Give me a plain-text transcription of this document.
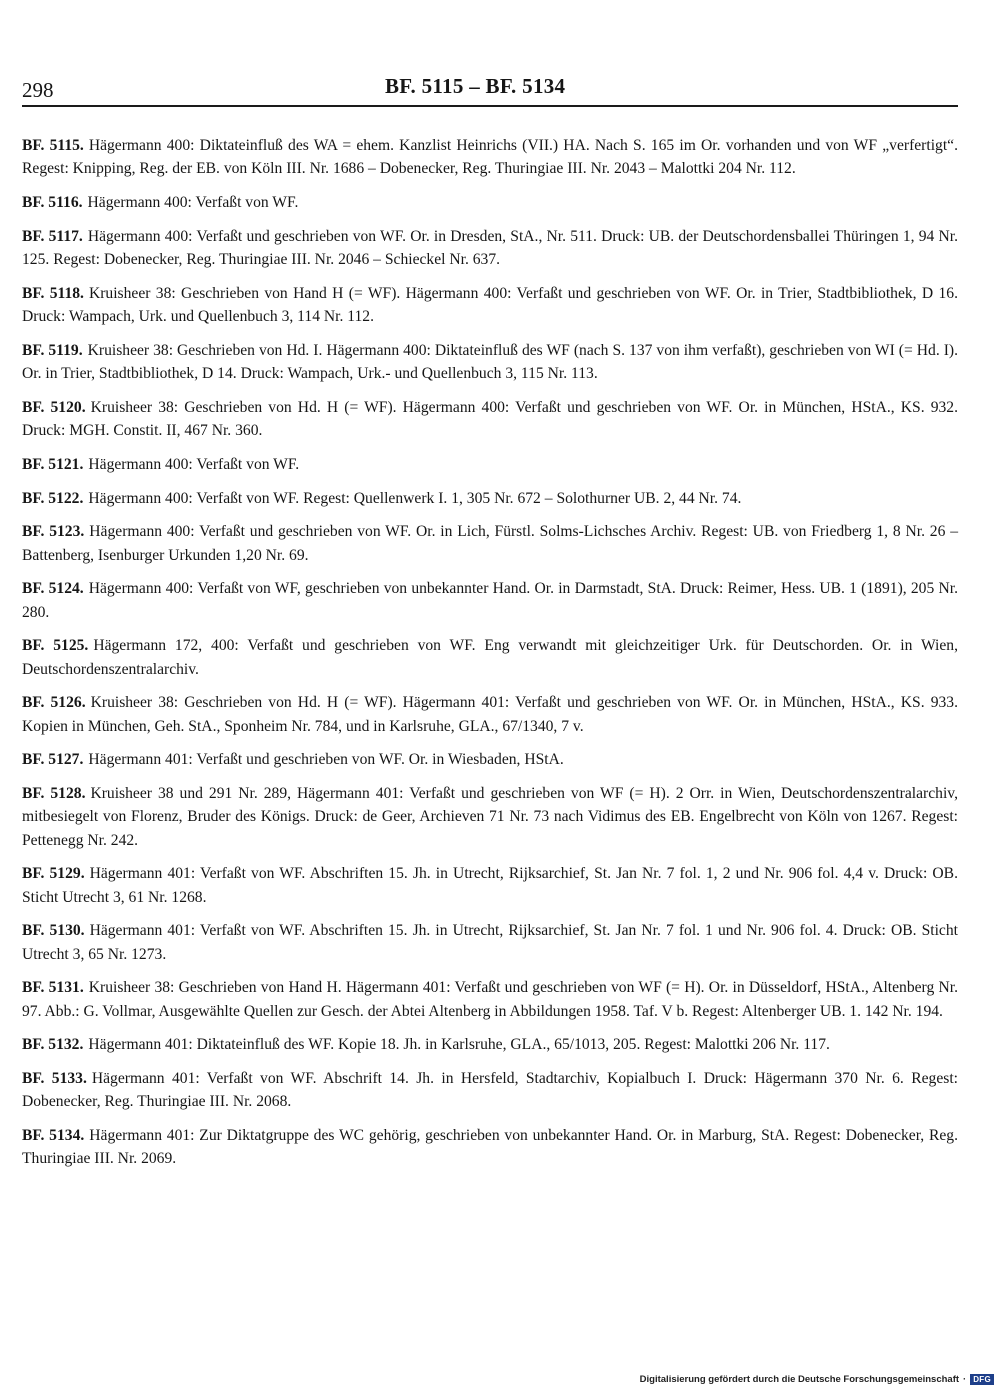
298	BF. 5115 – BF. 5134

BF. 5115. Hägermann 400: Diktateinfluß des WA = ehem. Kanzlist Heinrichs (VII.) HA. Nach S. 165 im Or. vorhanden und von WF „verfertigt“. Regest: Knipping, Reg. der EB. von Köln III. Nr. 1686 – Dobenecker, Reg. Thuringiae III. Nr. 2043 – Malottki 204 Nr. 112.

BF. 5116. Hägermann 400: Verfaßt von WF.

BF. 5117. Hägermann 400: Verfaßt und geschrieben von WF. Or. in Dresden, StA., Nr. 511. Druck: UB. der Deutschordensballei Thüringen 1, 94 Nr. 125. Regest: Dobenecker, Reg. Thuringiae III. Nr. 2046 – Schieckel Nr. 637.

BF. 5118. Kruisheer 38: Geschrieben von Hand H (= WF). Hägermann 400: Verfaßt und geschrieben von WF. Or. in Trier, Stadtbibliothek, D 16. Druck: Wampach, Urk. und Quellenbuch 3, 114 Nr. 112.

BF. 5119. Kruisheer 38: Geschrieben von Hd. I. Hägermann 400: Diktateinfluß des WF (nach S. 137 von ihm verfaßt), geschrieben von WI (= Hd. I). Or. in Trier, Stadtbibliothek, D 14. Druck: Wampach, Urk.- und Quellenbuch 3, 115 Nr. 113.

BF. 5120. Kruisheer 38: Geschrieben von Hd. H (= WF). Hägermann 400: Verfaßt und geschrieben von WF. Or. in München, HStA., KS. 932. Druck: MGH. Constit. II, 467 Nr. 360.

BF. 5121. Hägermann 400: Verfaßt von WF.

BF. 5122. Hägermann 400: Verfaßt von WF. Regest: Quellenwerk I. 1, 305 Nr. 672 – Solothurner UB. 2, 44 Nr. 74.

BF. 5123. Hägermann 400: Verfaßt und geschrieben von WF. Or. in Lich, Fürstl. Solms-Lichsches Archiv. Regest: UB. von Friedberg 1, 8 Nr. 26 – Battenberg, Isenburger Urkunden 1,20 Nr. 69.

BF. 5124. Hägermann 400: Verfaßt von WF, geschrieben von unbekannter Hand. Or. in Darmstadt, StA. Druck: Reimer, Hess. UB. 1 (1891), 205 Nr. 280.

BF. 5125. Hägermann 172, 400: Verfaßt und geschrieben von WF. Eng verwandt mit gleichzeitiger Urk. für Deutschorden. Or. in Wien, Deutschordenszentralarchiv.

BF. 5126. Kruisheer 38: Geschrieben von Hd. H (= WF). Hägermann 401: Verfaßt und geschrieben von WF. Or. in München, HStA., KS. 933. Kopien in München, Geh. StA., Sponheim Nr. 784, und in Karlsruhe, GLA., 67/1340, 7 v.

BF. 5127. Hägermann 401: Verfaßt und geschrieben von WF. Or. in Wiesbaden, HStA.

BF. 5128. Kruisheer 38 und 291 Nr. 289, Hägermann 401: Verfaßt und geschrieben von WF (= H). 2 Orr. in Wien, Deutschordenszentralarchiv, mitbesiegelt von Florenz, Bruder des Königs. Druck: de Geer, Archieven 71 Nr. 73 nach Vidimus des EB. Engelbrecht von Köln von 1267. Regest: Pettenegg Nr. 242.

BF. 5129. Hägermann 401: Verfaßt von WF. Abschriften 15. Jh. in Utrecht, Rijksarchief, St. Jan Nr. 7 fol. 1, 2 und Nr. 906 fol. 4,4 v. Druck: OB. Sticht Utrecht 3, 61 Nr. 1268.

BF. 5130. Hägermann 401: Verfaßt von WF. Abschriften 15. Jh. in Utrecht, Rijksarchief, St. Jan Nr. 7 fol. 1 und Nr. 906 fol. 4. Druck: OB. Sticht Utrecht 3, 65 Nr. 1273.

BF. 5131. Kruisheer 38: Geschrieben von Hand H. Hägermann 401: Verfaßt und geschrieben von WF (= H). Or. in Düsseldorf, HStA., Altenberg Nr. 97. Abb.: G. Vollmar, Ausgewählte Quellen zur Gesch. der Abtei Altenberg in Abbildungen 1958. Taf. V b. Regest: Altenberger UB. 1. 142 Nr. 194.

BF. 5132. Hägermann 401: Diktateinfluß des WF. Kopie 18. Jh. in Karlsruhe, GLA., 65/1013, 205. Regest: Malottki 206 Nr. 117.

BF. 5133. Hägermann 401: Verfaßt von WF. Abschrift 14. Jh. in Hersfeld, Stadtarchiv, Kopialbuch I. Druck: Hägermann 370 Nr. 6. Regest: Dobenecker, Reg. Thuringiae III. Nr. 2068.

BF. 5134. Hägermann 401: Zur Diktatgruppe des WC gehörig, geschrieben von unbekannter Hand. Or. in Marburg, StA. Regest: Dobenecker, Reg. Thuringiae III. Nr. 2069.

Digitalisierung gefördert durch die Deutsche Forschungsgemeinschaft · DFG
